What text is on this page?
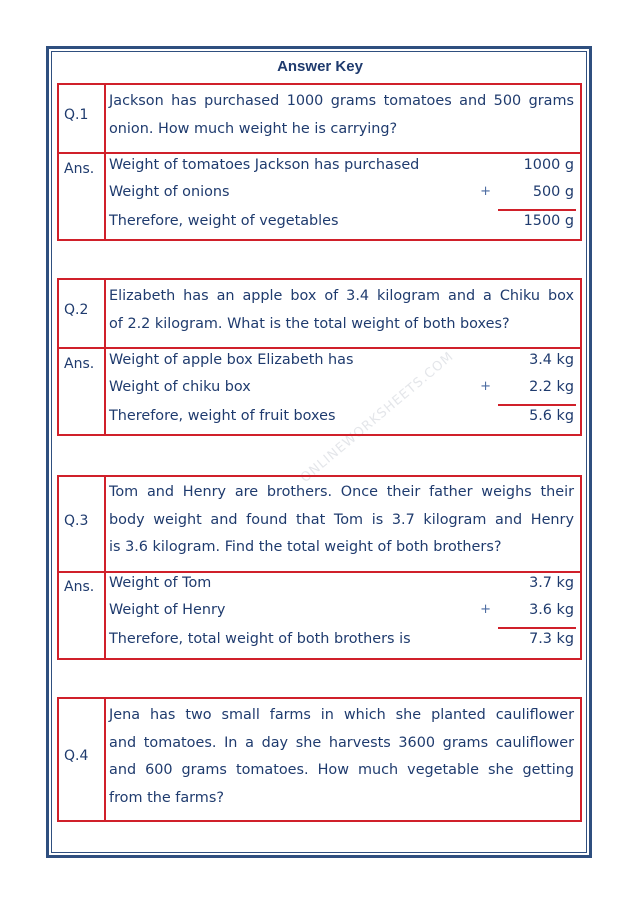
ONLINEWORKSHEETS.COM
Answer Key
Q.1
Jackson has purchased 1000 grams tomatoes and 500 grams
onion. How much weight he is carrying?
Ans. Weight of tomatoes Jackson has purchased	1000 g
Weight of onions	+	500 g
Therefore, weight of vegetables	1500 g
Q.2
Elizabeth has an apple box of 3.4 kilogram and a Chiku box
of 2.2 kilogram. What is the total weight of both boxes?
Ans. Weight of apple box Elizabeth has	3.4 kg
Weight of chiku box	+	2.2 kg
Therefore, weight of fruit boxes	5.6 kg
Q.3
Tom and Henry are brothers. Once their father weighs their
body weight and found that Tom is 3.7 kilogram and Henry
is 3.6 kilogram. Find the total weight of both brothers?
Ans. Weight of Tom	3.7 kg
Weight of Henry	+	3.6 kg
Therefore, total weight of both brothers is	7.3 kg
Q.4
Jena has two small farms in which she planted cauliflower
and tomatoes. In a day she harvests 3600 grams cauliflower
and 600 grams tomatoes. How much vegetable she getting
from the farms?
